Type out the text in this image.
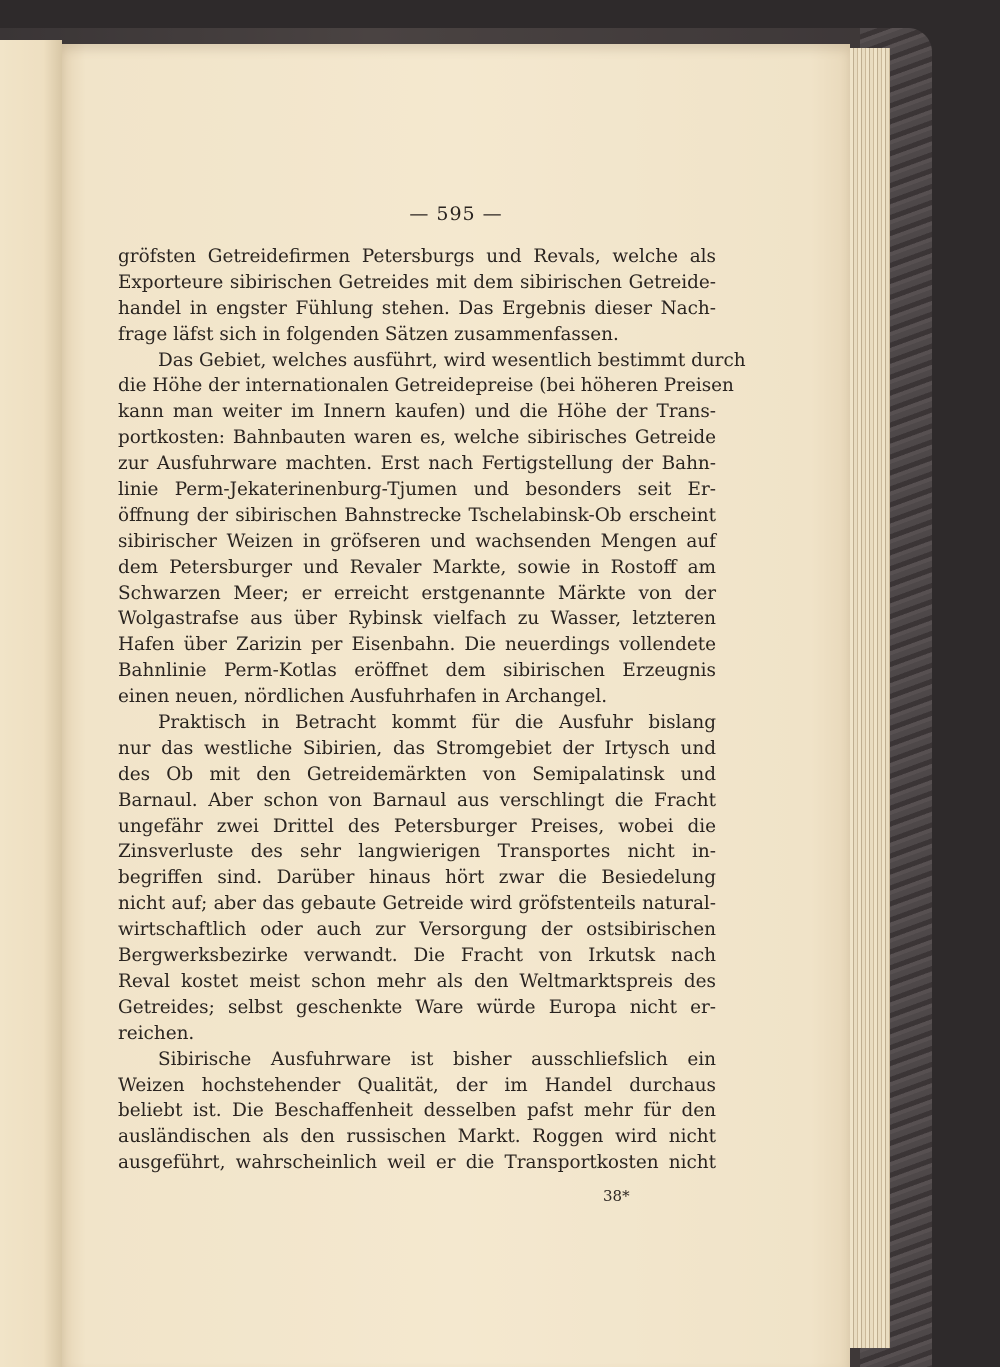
— 595 —
gröfsten Getreidefirmen Petersburgs und Revals, welche als
Exporteure sibirischen Getreides mit dem sibirischen Getreide-
handel in engster Fühlung stehen. Das Ergebnis dieser Nach-
frage läfst sich in folgenden Sätzen zusammenfassen.
Das Gebiet, welches ausführt, wird wesentlich bestimmt durch
die Höhe der internationalen Getreidepreise (bei höheren Preisen
kann man weiter im Innern kaufen) und die Höhe der Trans-
portkosten: Bahnbauten waren es, welche sibirisches Getreide
zur Ausfuhrware machten. Erst nach Fertigstellung der Bahn-
linie Perm-Jekaterinenburg-Tjumen und besonders seit Er-
öffnung der sibirischen Bahnstrecke Tschelabinsk-Ob erscheint
sibirischer Weizen in gröfseren und wachsenden Mengen auf
dem Petersburger und Revaler Markte, sowie in Rostoff am
Schwarzen Meer; er erreicht erstgenannte Märkte von der
Wolgastrafse aus über Rybinsk vielfach zu Wasser, letzteren
Hafen über Zarizin per Eisenbahn. Die neuerdings vollendete
Bahnlinie Perm-Kotlas eröffnet dem sibirischen Erzeugnis
einen neuen, nördlichen Ausfuhrhafen in Archangel.
Praktisch in Betracht kommt für die Ausfuhr bislang
nur das westliche Sibirien, das Stromgebiet der Irtysch und
des Ob mit den Getreidemärkten von Semipalatinsk und
Barnaul. Aber schon von Barnaul aus verschlingt die Fracht
ungefähr zwei Drittel des Petersburger Preises, wobei die
Zinsverluste des sehr langwierigen Transportes nicht in-
begriffen sind. Darüber hinaus hört zwar die Besiedelung
nicht auf; aber das gebaute Getreide wird gröfstenteils natural-
wirtschaftlich oder auch zur Versorgung der ostsibirischen
Bergwerksbezirke verwandt. Die Fracht von Irkutsk nach
Reval kostet meist schon mehr als den Weltmarktspreis des
Getreides; selbst geschenkte Ware würde Europa nicht er-
reichen.
Sibirische Ausfuhrware ist bisher ausschliefslich ein
Weizen hochstehender Qualität, der im Handel durchaus
beliebt ist. Die Beschaffenheit desselben pafst mehr für den
ausländischen als den russischen Markt. Roggen wird nicht
ausgeführt, wahrscheinlich weil er die Transportkosten nicht
38*
